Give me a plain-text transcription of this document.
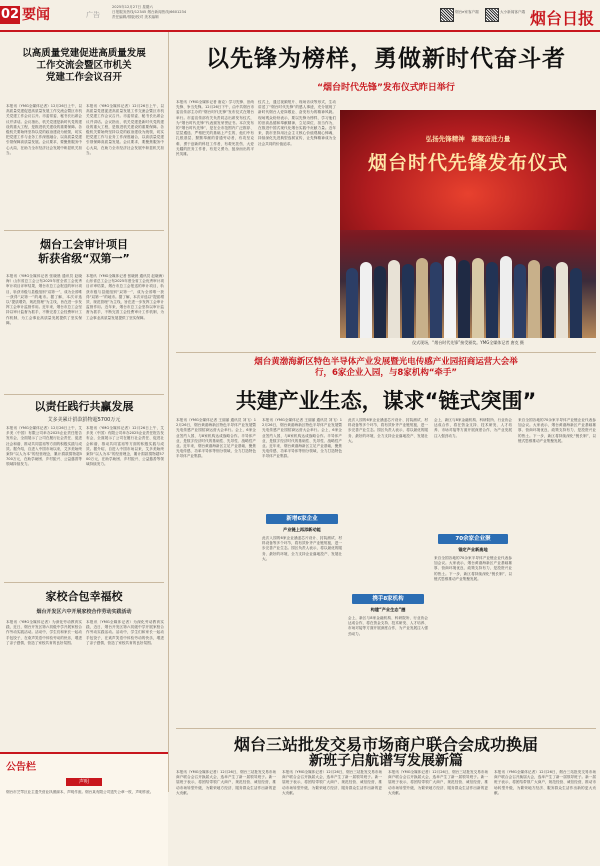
02 要闻	广告
2025年12月27日 星期六
日报服务热线/12345 烟台新闻热线/6601234
责任编辑/排版/校对 美术编辑
烟台e家客户端	大小新闻客户端 烟台日报
以高质量党建促进高质量发展
工作交流会暨区市机关
党建工作会议召开
本报讯（YMG全媒体记者）12月26日上午，以高质量党建促进高质量发展工作交流会暨区市机关党建工作会议召开。市委常委、秘书长出席会议并讲话。会议指出，机关党建是新时代党的建设的重大工程，是推进机关建设的重要保障。各级机关要始终坚持以党的政治建设为统领，切实把党建工作与业务工作深度融合，以高质量党建引领保障高质量发展。会议要求，要聚焦服务中心大局，在助力全市经济社会发展中彰显机关担当。
本报讯（YMG全媒体记者）12月26日上午，以高质量党建促进高质量发展工作交流会暨区市机关党建工作会议召开。市委常委、秘书长出席会议并讲话。会议指出，机关党建是新时代党的建设的重大工程，是推进机关建设的重要保障。各级机关要始终坚持以党的政治建设为统领，切实把党建工作与业务工作深度融合，以高质量党建引领保障高质量发展。会议要求，要聚焦服务中心大局，在助力全市经济社会发展中彰显机关担当。
烟台工会审计项目
斩获省级“双第一”
本报讯（YMG全媒体记者 张晓晨 通讯员 赵晓海）山东省总工会公布2025年度全省工会优秀审计项目评审结果，烟台市总工会报送的审计项目，斩获市级与县级组别“双第一”，成为全省唯一获得“双第一”的地市。据了解，本次评选以“提质增效、规范管理”为主线，旨在进一步发挥工会审计监督作用。近年来，烟台市总工会坚持以审计监督为抓手，不断完善工会经费审计工作机制，为工会事业高质量发展提供了坚实保障。
本报讯（YMG全媒体记者 张晓晨 通讯员 赵晓海）山东省总工会公布2025年度全省工会优秀审计项目评审结果，烟台市总工会报送的审计项目，斩获市级与县级组别“双第一”，成为全省唯一获得“双第一”的地市。据了解，本次评选以“提质增效、规范管理”为主线，旨在进一步发挥工会审计监督作用。近年来，烟台市总工会坚持以审计监督为抓手，不断完善工会经费审计工作机制，为工会事业高质量发展提供了坚实保障。
以责任践行共赢发展
艾多美累计捐款捐物超5700万元
本报讯（YMG全媒体记者）12月26日上午，艾多美（中国）有限公司举办2025企业责任报告发布会，全面展示了公司在履行社会责任、促进社会和谐、推动共同富裕等方面的积极实践与成效。据介绍，自进入中国市场以来，艾多美始终秉持“以人为本”的经营理念，累计捐款捐物超5700万元，在助学助困、乡村振兴、公益慈善等领域持续发力。
本报讯（YMG全媒体记者）12月26日上午，艾多美（中国）有限公司举办2025企业责任报告发布会，全面展示了公司在履行社会责任、促进社会和谐、推动共同富裕等方面的积极实践与成效。据介绍，自进入中国市场以来，艾多美始终秉持“以人为本”的经营理念，累计捐款捐物超5700万元，在助学助困、乡村振兴、公益慈善等领域持续发力。
家校合包幸福校
烟台开发区六中开展家校合作劳动实践活动
本报讯（YMG全媒体记者）为深化劳动教育实践，近日，烟台开发区第六初级中学开展家校合作劳动实践活动。活动中，学生们和家长一起动手包饺子，在欢声笑语中体验劳动的快乐，增进了亲子感情，营造了家校共育的良好氛围。
本报讯（YMG全媒体记者）为深化劳动教育实践，近日，烟台开发区第六初级中学开展家校合作劳动实践活动。活动中，学生们和家长一起动手包饺子，在欢声笑语中体验劳动的快乐，增进了亲子感情，营造了家校共育的良好氛围。
公告栏
声明
烟台市芝罘区业主遗失营业执照副本，声明作废。烟台某有限公司遗失公章一枚，声明作废。
以先锋为榜样，勇做新时代奋斗者
“烟台时代先锋”发布仪式昨日举行
本报讯（YMG全媒体记者 唐克）学习先锋、崇尚先锋、争当先锋。12月26日下午，由中共烟台市委宣传部主办的“烟台时代先锋”发布仪式在烟台举行。市委宣传部有关负责同志出席发布仪式，为“烟台时代先锋”代表颁发荣誉证书。本次发布的“烟台时代先锋”，是在全市范围内广泛推荐、层层遴选、严格把关的基础上产生的，他们中有扎根基层、默默奉献的普通劳动者，有攻坚克难、勇于创新的科技工作者，有救死扶伤、大爱无疆的医务工作者，有见义勇为、挺身而出的平民英雄。
仪式上，通过视频短片、现场访谈等形式，生动讲述了“烟台时代先锋”的感人事迹，充分展现了新时代烟台人爱岗敬业、奋发有为的精神风貌。现场观众纷纷表示，要以先锋为榜样，学习他们的崇高品德和奉献精神，立足岗位、担当作为，在推进中国式现代化烟台实践中贡献力量。近年来，我市坚持用社会主义核心价值观凝心铸魂，持续深化先进典型选树宣传，让先锋精神成为全社会共同的价值追求。
弘扬先锋精神　凝聚奋进力量
烟台时代先锋发布仪式
仪式现场，“烟台时代先锋”接受颁奖。YMG全媒体记者 唐克 摄
烟台黄渤海新区特色半导体产业发展暨光电传感产业园招商运营大会举
行，6家企业入园，与8家机构“牵手”
共建产业生态，谋求“链式突围”
本报讯（YMG全媒体记者 王丽丽 通讯员 刘飞）12月26日，烟台黄渤海新区特色半导体产业发展暨光电传感产业园招商运营大会举行。会上，6家企业签约入园，与8家机构达成战略合作。半导体产业，是数字经济时代的基础性、先导性、战略性产业。近年来，烟台黄渤海新区立足产业基础，聚焦光电传感、功率半导体等细分领域，全力打造特色半导体产业集群。
本报讯（YMG全媒体记者 王丽丽 通讯员 刘飞）12月26日，烟台黄渤海新区特色半导体产业发展暨光电传感产业园招商运营大会举行。会上，6家企业签约入园，与8家机构达成战略合作。半导体产业，是数字经济时代的基础性、先导性、战略性产业。近年来，烟台黄渤海新区立足产业基础，聚焦光电传感、功率半导体等细分领域，全力打造特色半导体产业集群。
新增6家企业
产业链上再添新动能
此次入园的6家企业涵盖芯片设计、封装测试、材料设备等多个环节，将有效补齐产业链短板，进一步完善产业生态。园区负责人表示，将以最优的服务、最好的环境，全力支持企业落地投产、发展壮大。
此次入园的6家企业涵盖芯片设计、封装测试、材料设备等多个环节，将有效补齐产业链短板，进一步完善产业生态。园区负责人表示，将以最优的服务、最好的环境，全力支持企业落地投产、发展壮大。
携手8家机构
构建“产业生态”圈
会上，新区与8家金融机构、科研院所、行业协会达成合作，将在资金支持、技术研发、人才培养、市场对接等方面开展深度合作，为产业发展注入强劲动力。
会上，新区与8家金融机构、科研院所、行业协会达成合作，将在资金支持、技术研发、人才培养、市场对接等方面开展深度合作，为产业发展注入强劲动力。
70余家企业聚
锚定产业新高地
来自全国各地的70余家半导体产业链企业代表参加会议。大家表示，烟台黄渤海新区产业基础雄厚、营商环境优良、政策支持有力，是投资兴业的热土。下一步，新区将持续深化“链长制”，以链式思维推动产业集聚发展。
来自全国各地的70余家半导体产业链企业代表参加会议。大家表示，烟台黄渤海新区产业基础雄厚、营商环境优良、政策支持有力，是投资兴业的热土。下一步，新区将持续深化“链长制”，以链式思维推动产业集聚发展。
烟台三站批发交易市场商户联合会成功换届
新班子启航谱写发展新篇
本报讯（YMG全媒体记者）12月26日，烟台三站批发交易市场商户联合会召开换届大会，选举产生了新一届领导班子。新一届班子表示，将团结带领广大商户，规范经营、诚信经营，推动市场转型升级，为繁荣地方经济、服务群众生活作出新的更大贡献。
本报讯（YMG全媒体记者）12月26日，烟台三站批发交易市场商户联合会召开换届大会，选举产生了新一届领导班子。新一届班子表示，将团结带领广大商户，规范经营、诚信经营，推动市场转型升级，为繁荣地方经济、服务群众生活作出新的更大贡献。
本报讯（YMG全媒体记者）12月26日，烟台三站批发交易市场商户联合会召开换届大会，选举产生了新一届领导班子。新一届班子表示，将团结带领广大商户，规范经营、诚信经营，推动市场转型升级，为繁荣地方经济、服务群众生活作出新的更大贡献。
本报讯（YMG全媒体记者）12月26日，烟台三站批发交易市场商户联合会召开换届大会，选举产生了新一届领导班子。新一届班子表示，将团结带领广大商户，规范经营、诚信经营，推动市场转型升级，为繁荣地方经济、服务群众生活作出新的更大贡献。
